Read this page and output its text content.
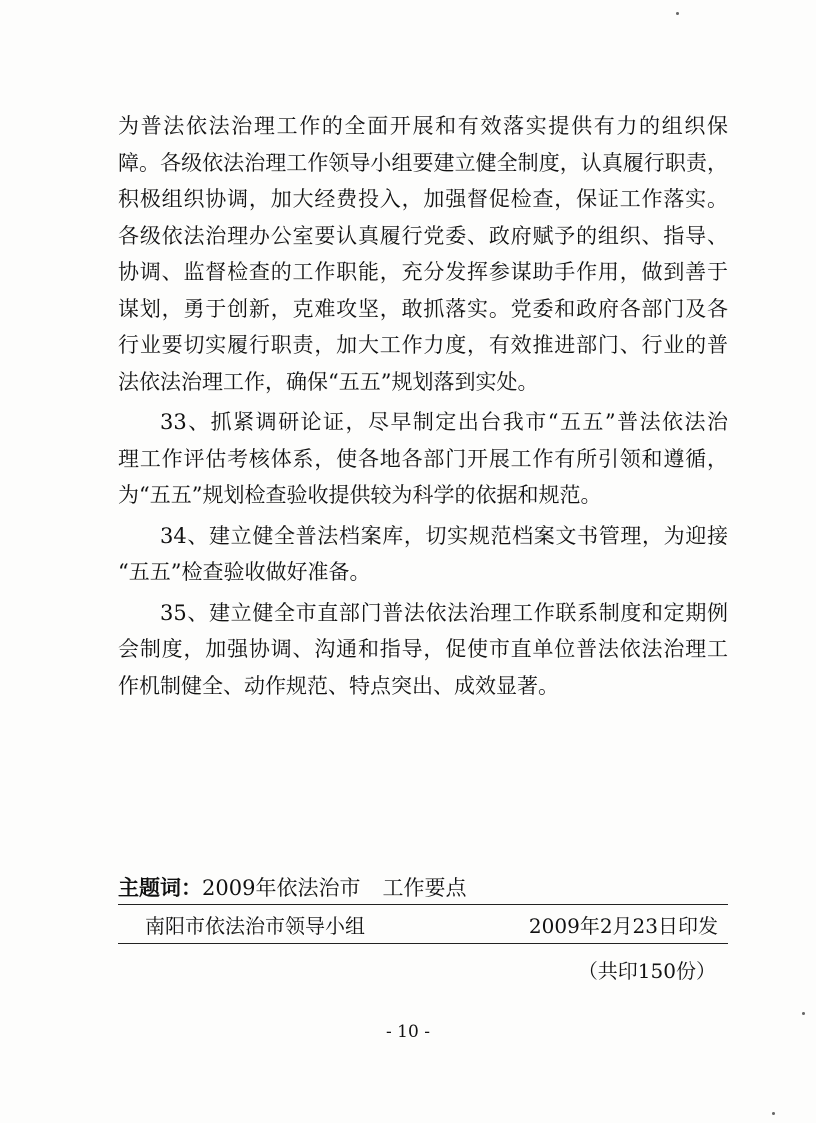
为普法依法治理工作的全面开展和有效落实提供有力的组织保
障。各级依法治理工作领导小组要建立健全制度，认真履行职责，
积极组织协调，加大经费投入，加强督促检查，保证工作落实。
各级依法治理办公室要认真履行党委、政府赋予的组织、指导、
协调、监督检查的工作职能，充分发挥参谋助手作用，做到善于
谋划，勇于创新，克难攻坚，敢抓落实。党委和政府各部门及各
行业要切实履行职责，加大工作力度，有效推进部门、行业的普
法依法治理工作，确保“五五”规划落到实处。
33、抓紧调研论证，尽早制定出台我市“五五”普法依法治
理工作评估考核体系，使各地各部门开展工作有所引领和遵循，
为“五五”规划检查验收提供较为科学的依据和规范。
34、建立健全普法档案库，切实规范档案文书管理，为迎接
“五五”检查验收做好准备。
35、建立健全市直部门普法依法治理工作联系制度和定期例
会制度，加强协调、沟通和指导，促使市直单位普法依法治理工
作机制健全、动作规范、特点突出、成效显著。
主题词：2009年依法治市 工作要点
南阳市依法治市领导小组	2009年2月23日印发
（共印150份）
- 10 -
